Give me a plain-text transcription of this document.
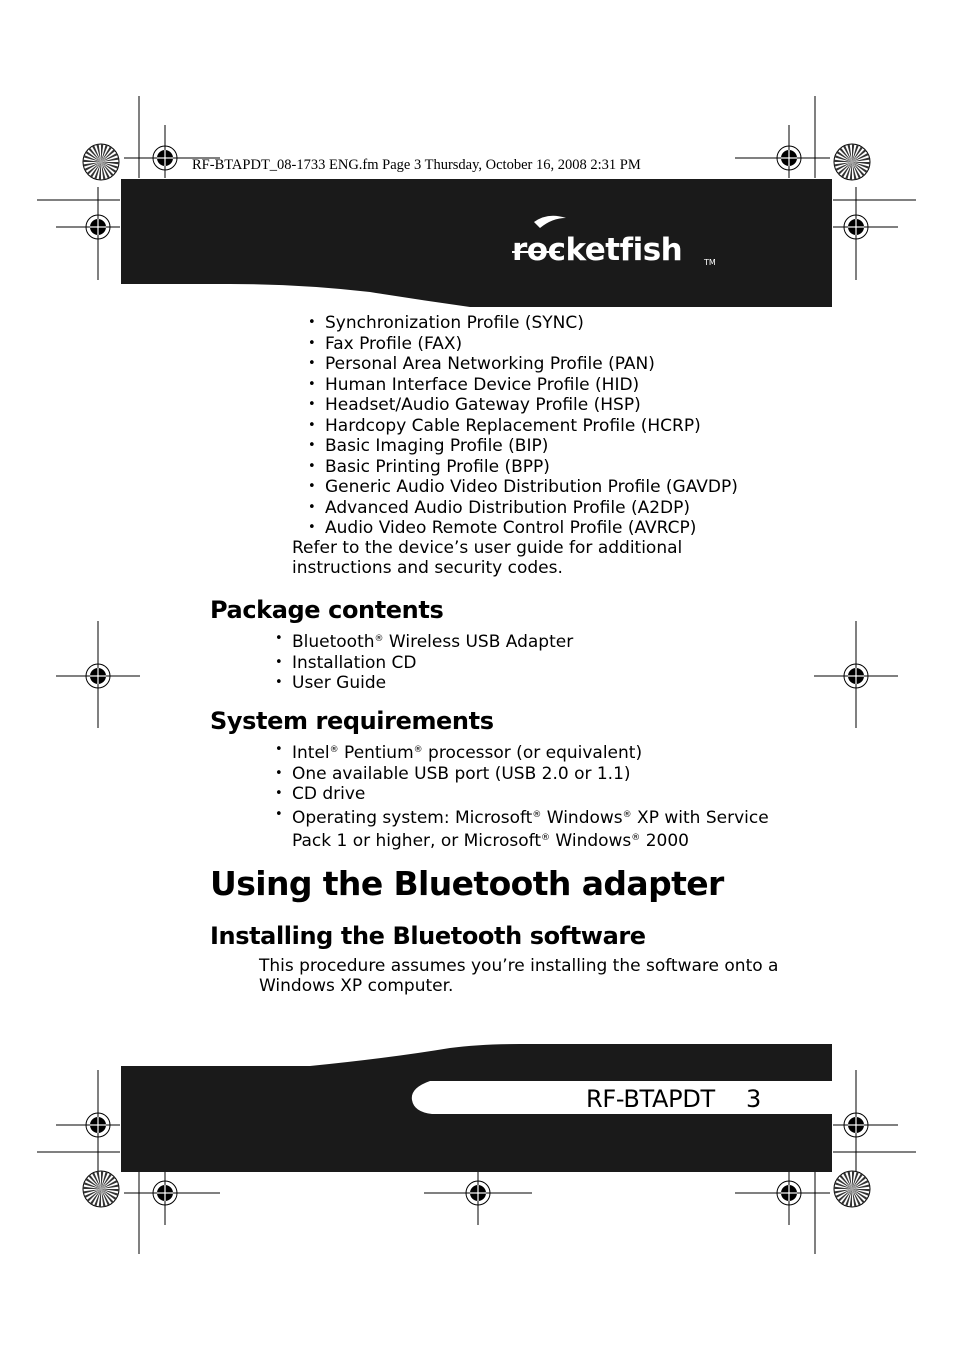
RF-BTAPDT_08-1733 ENG.fm Page 3 Thursday, October 16, 2008 2:31 PM
rocketfish	TM
• Synchronization Profile (SYNC)
• Fax Profile (FAX)
• Personal Area Networking Profile (PAN)
• Human Interface Device Profile (HID)
• Headset/Audio Gateway Profile (HSP)
• Hardcopy Cable Replacement Profile (HCRP)
• Basic Imaging Profile (BIP)
• Basic Printing Profile (BPP)
• Generic Audio Video Distribution Profile (GAVDP)
• Advanced Audio Distribution Profile (A2DP)
• Audio Video Remote Control Profile (AVRCP)
Refer to the device’s user guide for additional
instructions and security codes.
Package contents
• Bluetooth® Wireless USB Adapter
• Installation CD
• User Guide
System requirements
• Intel® Pentium® processor (or equivalent)
• One available USB port (USB 2.0 or 1.1)
• CD drive
• Operating system: Microsoft® Windows® XP with Service
Pack 1 or higher, or Microsoft® Windows® 2000
Using the Bluetooth adapter
Installing the Bluetooth software
This procedure assumes you’re installing the software onto a
Windows XP computer.
RF-BTAPDT 3
